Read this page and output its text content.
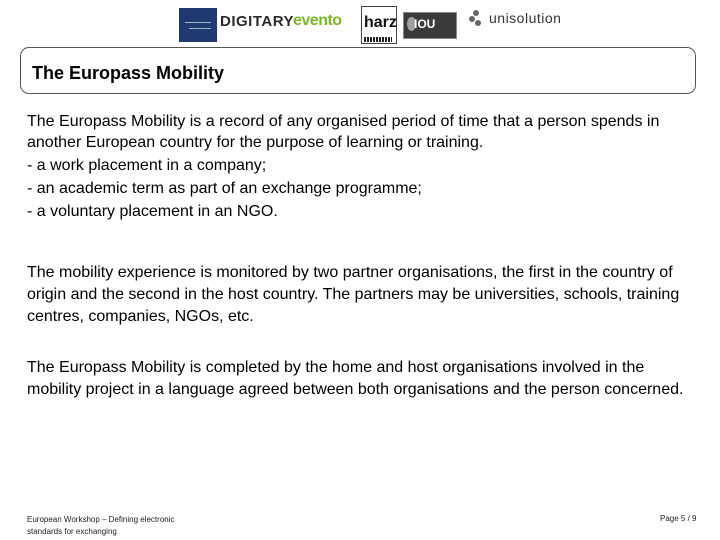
DIGITARY evento harz IOU	unisolution
The Europass Mobility

The Europass Mobility is a record of any organised period of time that a person spends in another European country for the purpose of learning or training.

- a work placement in a company;

- an academic term as part of an exchange programme;

- a voluntary placement in an NGO.

The mobility experience is monitored by two partner organisations, the first in the country of origin and the second in the host country. The partners may be universities, schools, training centres, companies, NGOs, etc.

The Europass Mobility is completed by the home and host organisations involved in the mobility project in a language agreed between both organisations and the person concerned.

European Workshop – Defining electronic standards for exchanging
Page 5 / 9
